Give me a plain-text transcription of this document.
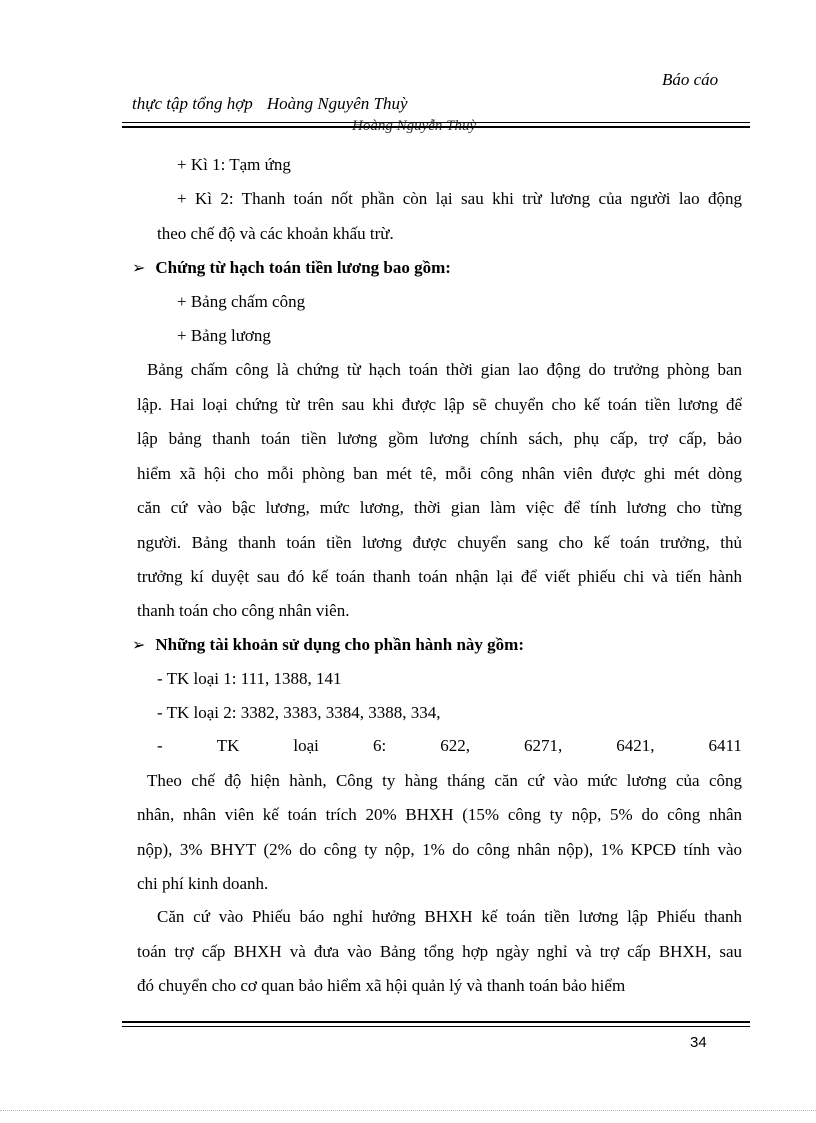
Báo cáo
thực tập tổng hợp Hoàng Nguyên Thuỳ
Hoàng Nguyễn Thuỳ
+ Kì 1: Tạm ứng
+ Kì 2: Thanh toán nốt phần còn lại sau khi trừ lương của người lao động
theo chế độ và các khoản khấu trừ.
➢ Chứng từ hạch toán tiền lương bao gồm:
+ Bảng chấm công
+ Bảng lương
Bảng chấm công là chứng từ hạch toán thời gian lao động do trưởng phòng ban
lập. Hai loại chứng từ trên sau khi được lập sẽ chuyển cho kế toán tiền lương để
lập bảng thanh toán tiền lương gồm lương chính sách, phụ cấp, trợ cấp, bảo
hiểm xã hội cho mỗi phòng ban mét tê, mỗi công nhân viên được ghi mét dòng
căn cứ vào bậc lương, mức lương, thời gian làm việc để tính lương cho từng
người. Bảng thanh toán tiền lương được chuyển sang cho kế toán trưởng, thủ
trưởng kí duyệt sau đó kế toán thanh toán nhận lại để viết phiếu chi và tiến hành
thanh toán cho công nhân viên.
➢ Những tài khoản sử dụng cho phần hành này gồm:
- TK loại 1: 111, 1388, 141
- TK loại 2: 3382, 3383, 3384, 3388, 334,
-	TK	loại	6:	622,	6271,	6421,	6411
Theo chế độ hiện hành, Công ty hàng tháng căn cứ vào mức lương của công
nhân, nhân viên kế toán trích 20% BHXH (15% công ty nộp, 5% do công nhân
nộp), 3% BHYT (2% do công ty nộp, 1% do công nhân nộp), 1% KPCĐ tính vào
chi phí kinh doanh.
Căn cứ vào Phiếu báo nghỉ hưởng BHXH kế toán tiền lương lập Phiếu thanh
toán trợ cấp BHXH và đưa vào Bảng tổng hợp ngày nghỉ và trợ cấp BHXH, sau
đó chuyển cho cơ quan bảo hiểm xã hội quản lý và thanh toán bảo hiểm
34
